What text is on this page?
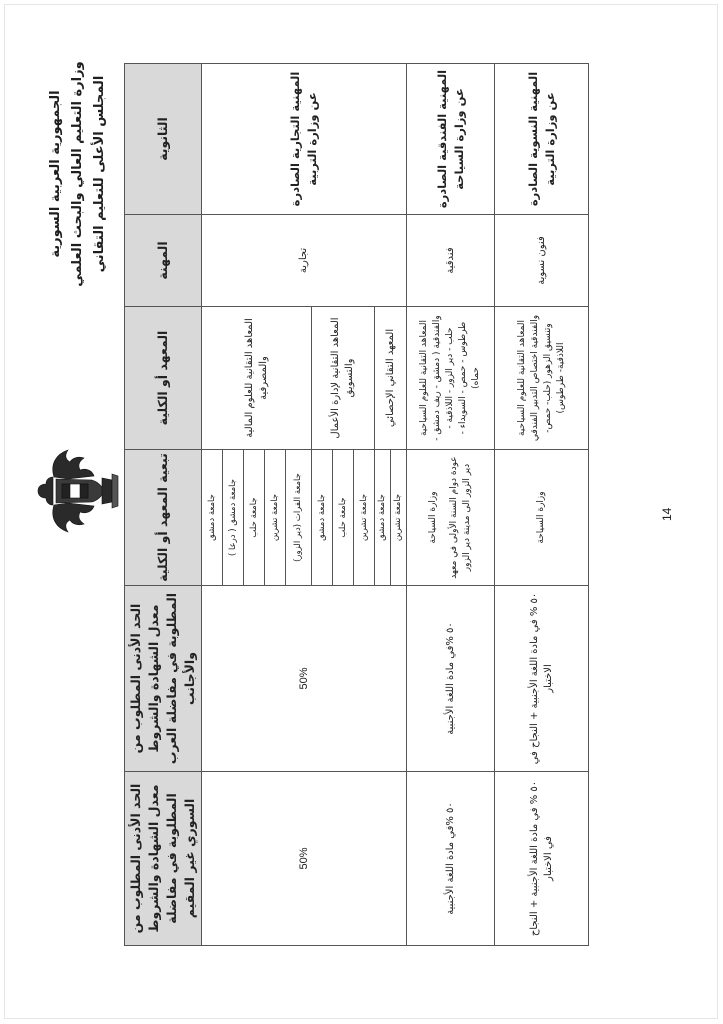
الجمهورية العربية السورية وزارة التعليم العالي والبحث العلمي المجلس الأعلى للتعليم التقاني
14
الثانوية	المهنة	المعهد أو الكلية	تبعية المعهد أو الكلية	الحد الأدنى المطلوب من معدل الشهادة والشروط المطلوبة في مفاضلة العرب والأجانب	الحد الأدنى المطلوب من معدل الشهادة والشروط المطلوبة في مفاضلة السوري غير المقيم
المهنية التجارية الصادرة عن وزارة التربية	تجارية	المعاهد التقانية للعلوم المالية والمصرفية	جامعة دمشق	50%	50%
			جامعة دمشق ( درعا )		
			جامعة حلب		
			جامعة تشرين		
			جامعة الفرات (دير الزور)		
		المعاهد التقانية لإدارة الأعمال والتسويق	جامعة دمشق		
			جامعة حلب		
			جامعة تشرين		
		المعهد التقاني الإحصائي	جامعة دمشق		
			جامعة تشرين		
المهنية الفندقية الصادرة عن وزارة السياحة	فندقية	المعاهد التقانية للعلوم السياحية والفندقية ( دمشق - ريف دمشق - حلب - دير الزور - اللاذقية - طرطوس - حمص - السويداء - حماه)	وزارة السياحة عودة دوام السنة الأولى في معهد دير الزور الى مدينة دير الزور	٥٠ %في مادة اللغة الأجنبية	٥٠ %في مادة اللغة الأجنبية
المهنية النسوية الصادرة عن وزارة التربية	فنون نسوية	المعاهد التقانية للعلوم السياحية والفندقية اختصاص التدبير الفندقي وتنسيق الزهور (حلب- حمص- اللاذقية- طرطوس)	وزارة السياحة	٥٠ % في مادة اللغة الأجنبية + النجاح في الاختبار	٥٠ % في مادة اللغة الأجنبية + النجاح في الاختبار
